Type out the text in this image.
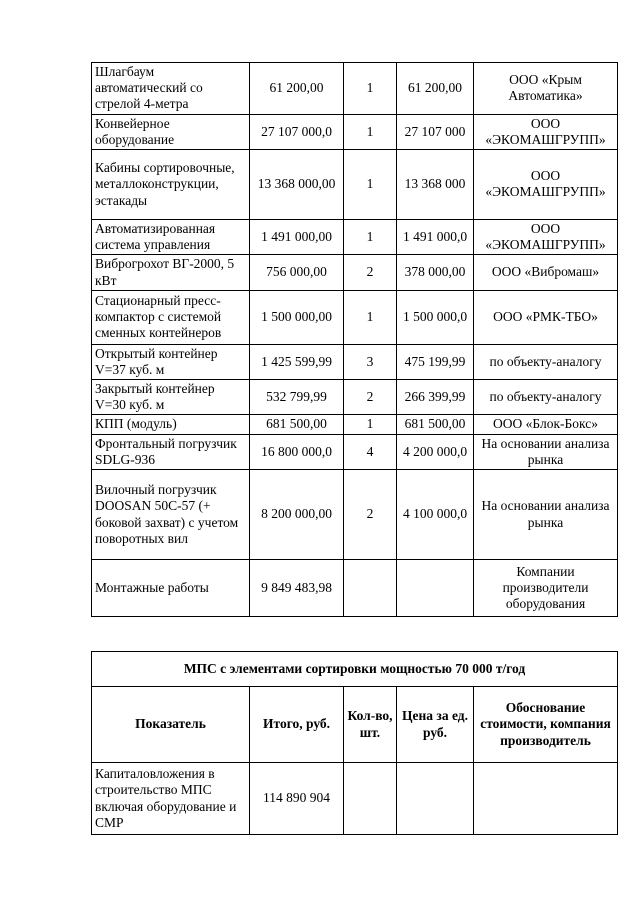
Шлагбаум автоматический со стрелой 4-метра	61 200,00	1	61 200,00	ООО «Крым Автоматика»
Конвейерное оборудование	27 107 000,0	1	27 107 000	ООО «ЭКОМАШГРУПП»
Кабины сортировочные, металлоконструкции, эстакады	13 368 000,00	1	13 368 000	ООО «ЭКОМАШГРУПП»
Автоматизированная система управления	1 491 000,00	1	1 491 000,0	ООО «ЭКОМАШГРУПП»
Виброгрохот ВГ-2000, 5 кВт	756 000,00	2	378 000,00	ООО «Вибромаш»
Стационарный пресс-компактор с системой сменных контейнеров	1 500 000,00	1	1 500 000,0	ООО «РМК-ТБО»
Открытый контейнер V=37 куб. м	1 425 599,99	3	475 199,99	по объекту-аналогу
Закрытый контейнер V=30 куб. м	532 799,99	2	266 399,99	по объекту-аналогу
КПП (модуль)	681 500,00	1	681 500,00	ООО «Блок-Бокс»
Фронтальный погрузчик SDLG-936	16 800 000,0	4	4 200 000,0	На основании анализа рынка
Вилочный погрузчик DOOSAN 50С-57 (+ боковой захват) с учетом поворотных вил	8 200 000,00	2	4 100 000,0	На основании анализа рынка
Монтажные работы	9 849 483,98			Компании производители оборудования
МПС с элементами сортировки мощностью 70 000 т/год				
Показатель	Итого, руб.	Кол-во, шт.	Цена за ед. руб.	Обоснование стоимости, компания производитель
Капиталовложения в строительство МПС включая оборудование и СМР	114 890 904			
